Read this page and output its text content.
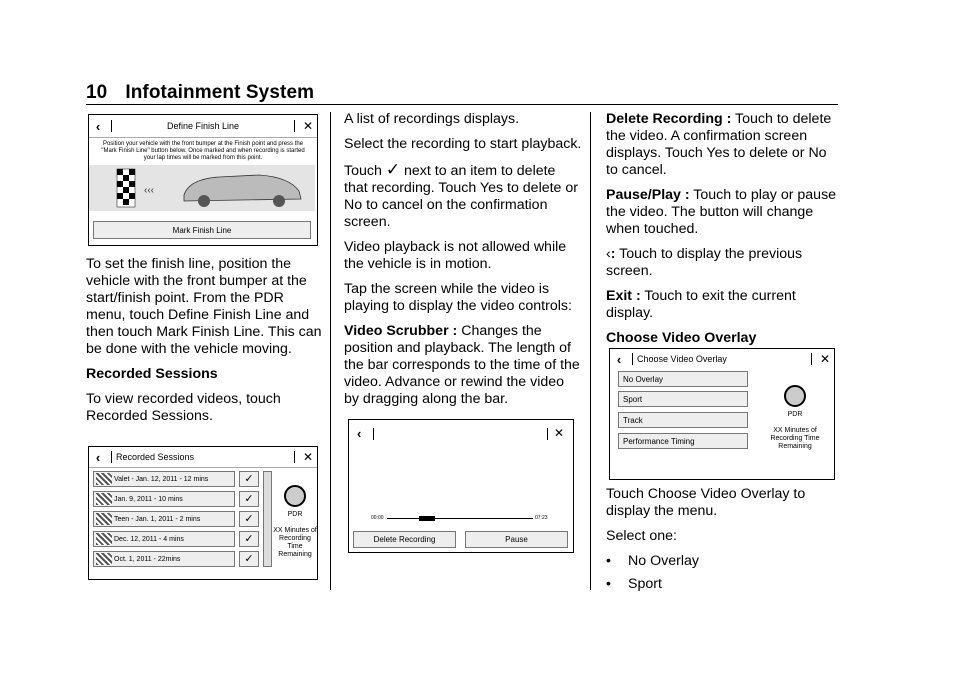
10 Infotainment System
‹	Define Finish Line	✕
Position your vehicle with the front bumper at the Finish point and press the "Mark Finish Line" button below. Once marked and when recording is started your lap times will be marked from this point.
‹‹‹
Mark Finish Line

To set the finish line, position the vehicle with the front bumper at the start/finish point. From the PDR menu, touch Define Finish Line and then touch Mark Finish Line. This can be done with the vehicle moving.

Recorded Sessions

To view recorded videos, touch Recorded Sessions.

‹	Recorded Sessions	✕
Valet - Jan. 12, 2011 - 12 mins	✓
Jan. 9, 2011 - 10 mins	✓
Teen - Jan. 1, 2011 - 2 mins	✓
Dec. 12, 2011 - 4 mins	✓
Oct. 1, 2011 - 22mins	✓
PDR
XX Minutes of Recording Time Remaining

A list of recordings displays.

Select the recording to start playback.

Touch ✓ next to an item to delete that recording. Touch Yes to delete or No to cancel on the confirmation screen.

Video playback is not allowed while the vehicle is in motion.

Tap the screen while the video is playing to display the video controls:

Video Scrubber : Changes the position and playback. The length of the bar corresponds to the time of the video. Advance or rewind the video by dragging along the bar.

‹	✕
00:00	07:23
Delete Recording	Pause

Delete Recording : Touch to delete the video. A confirmation screen displays. Touch Yes to delete or No to cancel.

Pause/Play : Touch to play or pause the video. The button will change when touched.

‹: Touch to display the previous screen.

Exit : Touch to exit the current display.

Choose Video Overlay

‹	Choose Video Overlay	✕
No Overlay
Sport
Track
Performance Timing
PDR
XX Minutes of Recording Time Remaining

Touch Choose Video Overlay to display the menu.

Select one:

•	No Overlay
•	Sport
